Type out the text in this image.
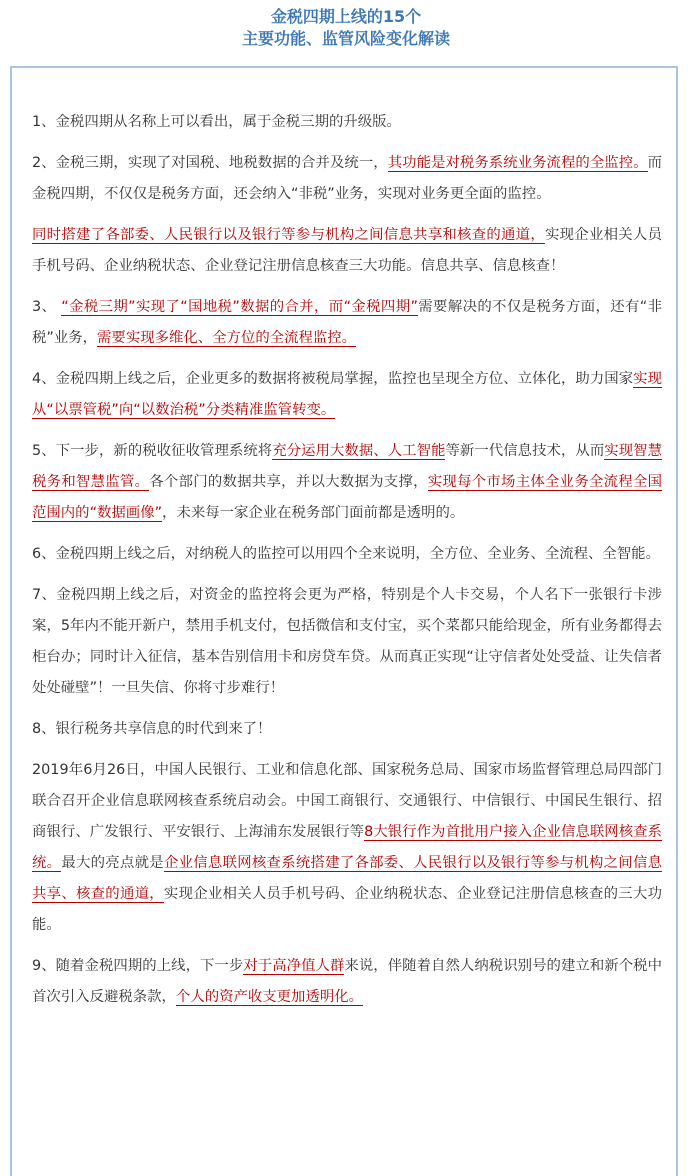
金税四期上线的15个
主要功能、监管风险变化解读

1、金税四期从名称上可以看出，属于金税三期的升级版。

2、金税三期，实现了对国税、地税数据的合并及统一，其功能是对税务系统业务流程的全监控。而金税四期，不仅仅是税务方面，还会纳入“非税”业务，实现对业务更全面的监控。

同时搭建了各部委、人民银行以及银行等参与机构之间信息共享和核查的通道，实现企业相关人员手机号码、企业纳税状态、企业登记注册信息核查三大功能。信息共享、信息核查！

3、 “金税三期”实现了“国地税”数据的合并，而“金税四期”需要解决的不仅是税务方面，还有“非税”业务，需要实现多维化、全方位的全流程监控。

4、金税四期上线之后，企业更多的数据将被税局掌握，监控也呈现全方位、立体化，助力国家实现从“以票管税”向“以数治税”分类精准监管转变。

5、下一步，新的税收征收管理系统将充分运用大数据、人工智能等新一代信息技术，从而实现智慧税务和智慧监管。各个部门的数据共享，并以大数据为支撑，实现每个市场主体全业务全流程全国范围内的“数据画像”，未来每一家企业在税务部门面前都是透明的。

6、金税四期上线之后，对纳税人的监控可以用四个全来说明，全方位、全业务、全流程、全智能。

7、金税四期上线之后，对资金的监控将会更为严格，特别是个人卡交易，个人名下一张银行卡涉案，5年内不能开新户，禁用手机支付，包括微信和支付宝，买个菜都只能给现金，所有业务都得去柜台办；同时计入征信，基本告别信用卡和房贷车贷。从而真正实现“让守信者处处受益、让失信者处处碰壁”！一旦失信、你将寸步难行！

8、银行税务共享信息的时代到来了！

2019年6月26日，中国人民银行、工业和信息化部、国家税务总局、国家市场监督管理总局四部门联合召开企业信息联网核查系统启动会。中国工商银行、交通银行、中信银行、中国民生银行、招商银行、广发银行、平安银行、上海浦东发展银行等8大银行作为首批用户接入企业信息联网核查系统。最大的亮点就是企业信息联网核查系统搭建了各部委、人民银行以及银行等参与机构之间信息共享、核查的通道，实现企业相关人员手机号码、企业纳税状态、企业登记注册信息核查的三大功能。

9、随着金税四期的上线，下一步对于高净值人群来说，伴随着自然人纳税识别号的建立和新个税中首次引入反避税条款，个人的资产收支更加透明化。
